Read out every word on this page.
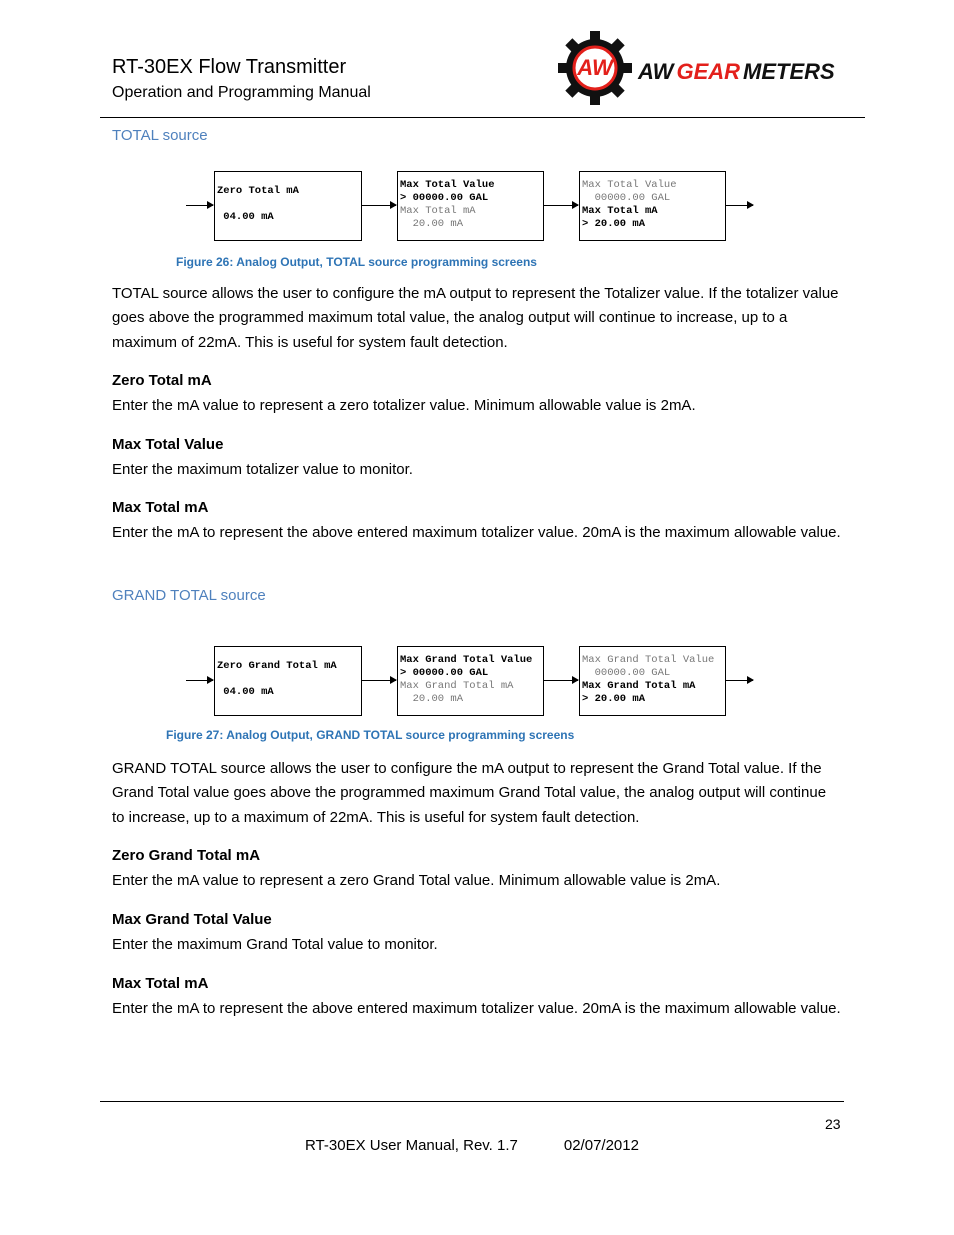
RT-30EX Flow Transmitter
Operation and Programming Manual
AW AW GEAR METERS
TOTAL source
Zero Total mA

04.00 mA
Max Total Value
> 00000.00 GAL
Max Total mA
20.00 mA
Max Total Value
00000.00 GAL
Max Total mA
> 20.00 mA
Figure 26: Analog Output, TOTAL source programming screens
TOTAL source allows the user to configure the mA output to represent the Totalizer value. If the totalizer value goes above the programmed maximum total value, the analog output will continue to increase, up to a maximum of 22mA. This is useful for system fault detection.
Zero Total mA
Enter the mA value to represent a zero totalizer value. Minimum allowable value is 2mA.
Max Total Value
Enter the maximum totalizer value to monitor.
Max Total mA
Enter the mA to represent the above entered maximum totalizer value. 20mA is the maximum allowable value.
GRAND TOTAL source
Zero Grand Total mA

04.00 mA
Max Grand Total Value
> 00000.00 GAL
Max Grand Total mA
20.00 mA
Max Grand Total Value
00000.00 GAL
Max Grand Total mA
> 20.00 mA
Figure 27: Analog Output, GRAND TOTAL source programming screens
GRAND TOTAL source allows the user to configure the mA output to represent the Grand Total value. If the Grand Total value goes above the programmed maximum Grand Total value, the analog output will continue to increase, up to a maximum of 22mA. This is useful for system fault detection.
Zero Grand Total mA
Enter the mA value to represent a zero Grand Total value. Minimum allowable value is 2mA.
Max Grand Total Value
Enter the maximum Grand Total value to monitor.
Max Total mA
Enter the mA to represent the above entered maximum totalizer value. 20mA is the maximum allowable value.
23
RT-30EX User Manual, Rev. 1.7	02/07/2012
